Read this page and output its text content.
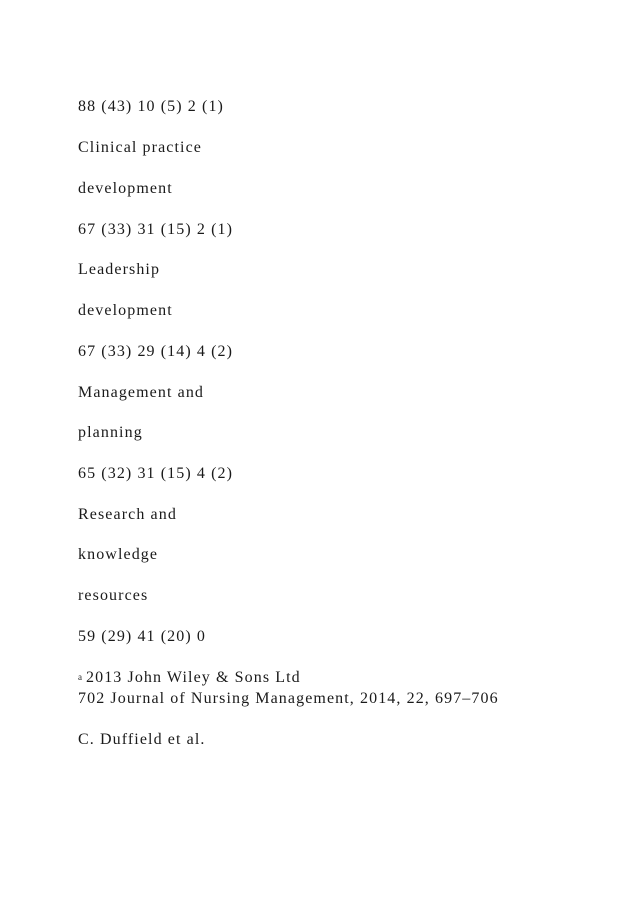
88 (43) 10 (5) 2 (1)
Clinical practice
development
67 (33) 31 (15) 2 (1)
Leadership
development
67 (33) 29 (14) 4 (2)
Management and
planning
65 (32) 31 (15) 4 (2)
Research and
knowledge
resources
59 (29) 41 (20) 0
$^a$ 2013 John Wiley & Sons Ltd
702 Journal of Nursing Management, 2014, 22, 697–706
C. Duffield et al.
